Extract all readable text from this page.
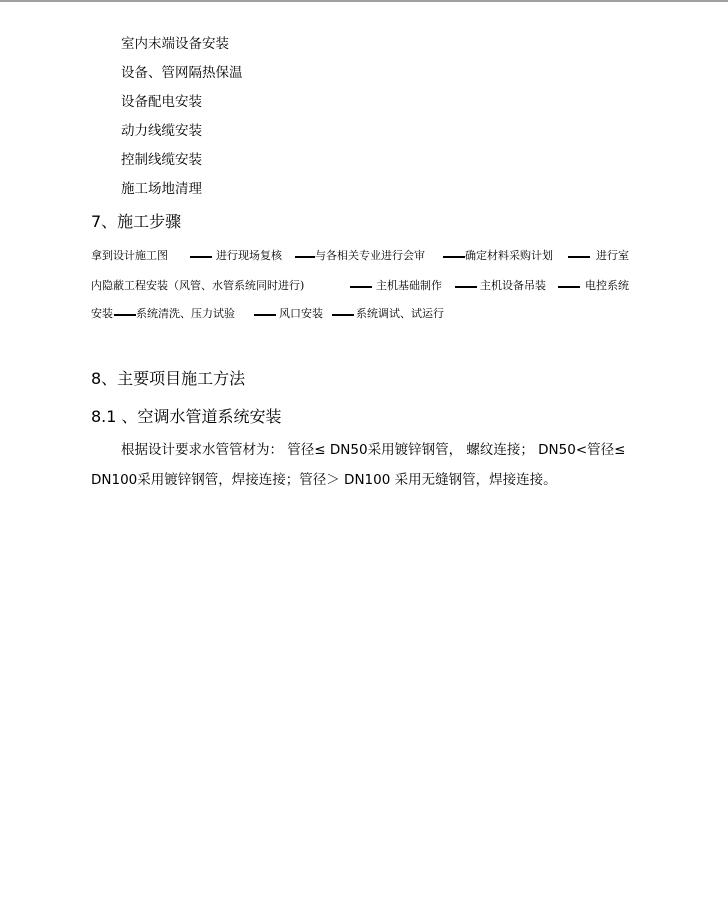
室内末端设备安装
设备、管网隔热保温
设备配电安装
动力线缆安装
控制线缆安装
施工场地清理
7、施工步骤
拿到设计施工图	进行现场复核	与各相关专业进行会审	确定材料采购计划	进行室
内隐蔽工程安装（风管、水管系统同时进行)	主机基础制作	主机设备吊装	电控系统
安装 系统清洗、压力试验	风口安装	系统调试、试运行
8、主要项目施工方法
8.1 、空调水管道系统安装
根据设计要求水管管材为： 管径≤ DN50采用镀锌钢管， 螺纹连接； DN50<管径≤
DN100采用镀锌钢管，焊接连接；管径＞ DN100 采用无缝钢管，焊接连接。
